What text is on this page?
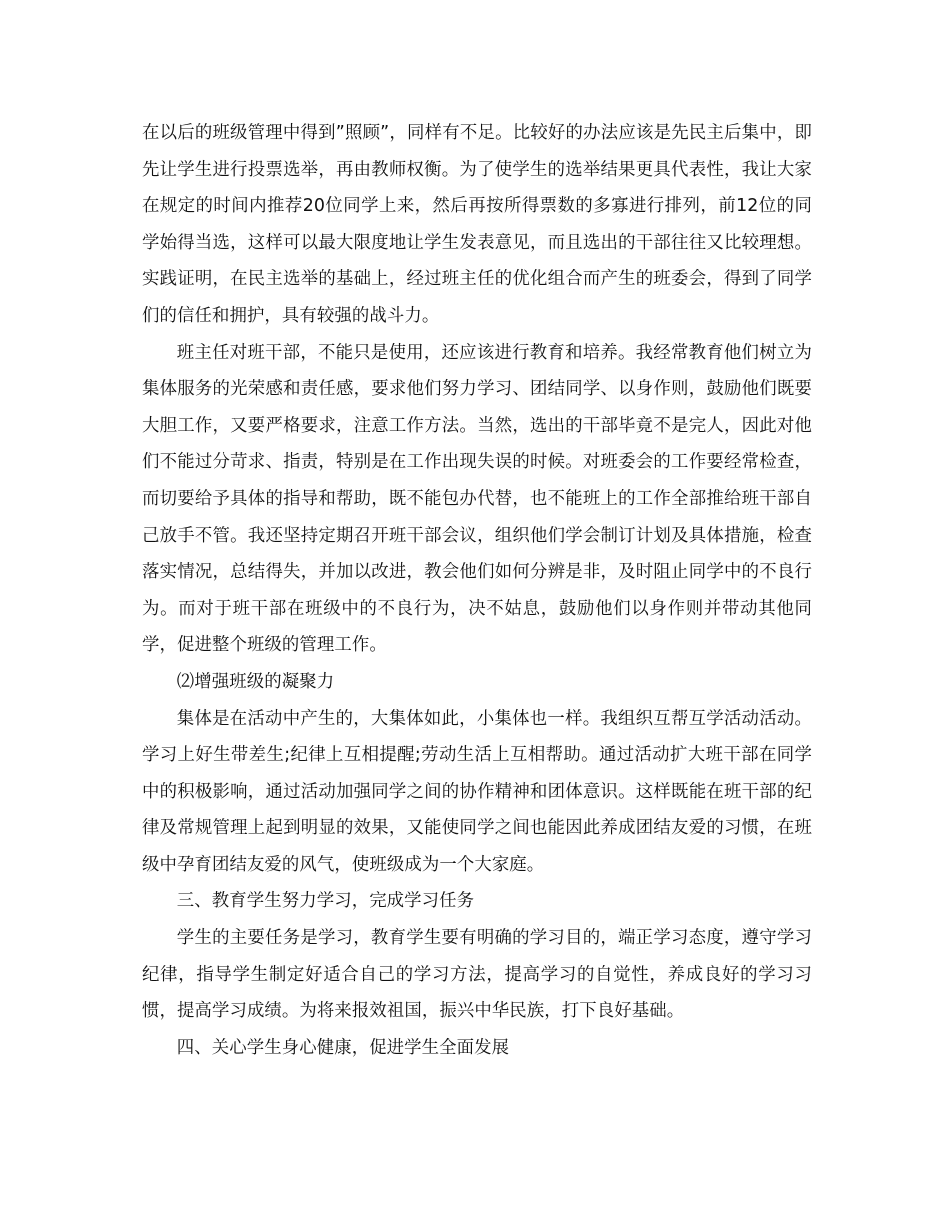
在以后的班级管理中得到”照顾”，同样有不足。比较好的办法应该是先民主后集中，即先让学生进行投票选举，再由教师权衡。为了使学生的选举结果更具代表性，我让大家在规定的时间内推荐20位同学上来，然后再按所得票数的多寡进行排列，前12位的同学始得当选，这样可以最大限度地让学生发表意见，而且选出的干部往往又比较理想。实践证明，在民主选举的基础上，经过班主任的优化组合而产生的班委会，得到了同学们的信任和拥护，具有较强的战斗力。

班主任对班干部，不能只是使用，还应该进行教育和培养。我经常教育他们树立为集体服务的光荣感和责任感，要求他们努力学习、团结同学、以身作则，鼓励他们既要大胆工作，又要严格要求，注意工作方法。当然，选出的干部毕竟不是完人，因此对他们不能过分苛求、指责，特别是在工作出现失误的时候。对班委会的工作要经常检查，而切要给予具体的指导和帮助，既不能包办代替，也不能班上的工作全部推给班干部自己放手不管。我还坚持定期召开班干部会议，组织他们学会制订计划及具体措施，检查落实情况，总结得失，并加以改进，教会他们如何分辨是非，及时阻止同学中的不良行为。而对于班干部在班级中的不良行为，决不姑息，鼓励他们以身作则并带动其他同学，促进整个班级的管理工作。

⑵增强班级的凝聚力

集体是在活动中产生的，大集体如此，小集体也一样。我组织互帮互学活动活动。学习上好生带差生;纪律上互相提醒;劳动生活上互相帮助。通过活动扩大班干部在同学中的积极影响，通过活动加强同学之间的协作精神和团体意识。这样既能在班干部的纪律及常规管理上起到明显的效果，又能使同学之间也能因此养成团结友爱的习惯，在班级中孕育团结友爱的风气，使班级成为一个大家庭。

三、教育学生努力学习，完成学习任务

学生的主要任务是学习，教育学生要有明确的学习目的，端正学习态度，遵守学习纪律，指导学生制定好适合自己的学习方法，提高学习的自觉性，养成良好的学习习惯，提高学习成绩。为将来报效祖国，振兴中华民族，打下良好基础。

四、关心学生身心健康，促进学生全面发展
